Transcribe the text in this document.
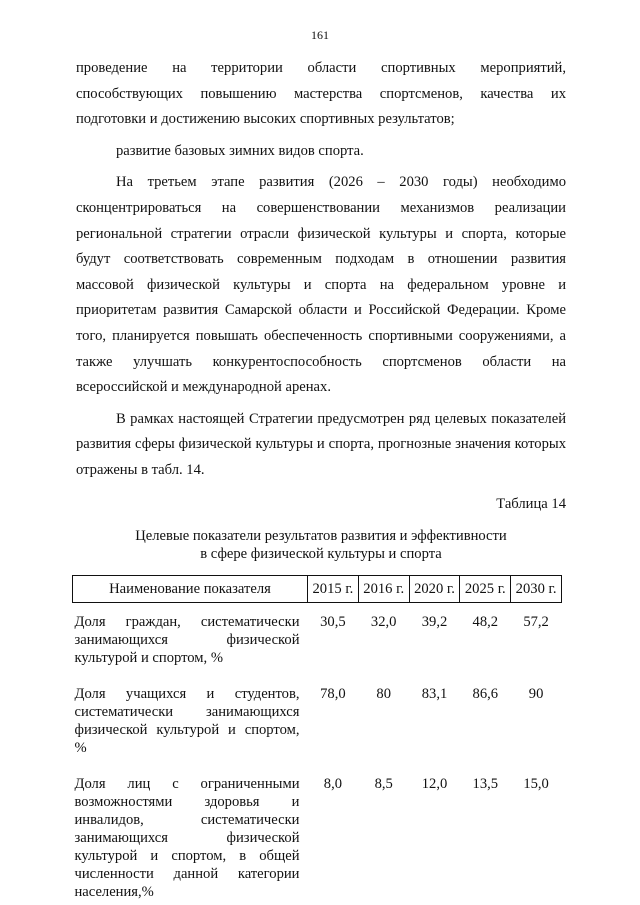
161

проведение на территории области спортивных мероприятий, способствующих повышению мастерства спортсменов, качества их подготовки и достижению высоких спортивных результатов;

развитие базовых зимних видов спорта.

На третьем этапе развития (2026 – 2030 годы) необходимо сконцентрироваться на совершенствовании механизмов реализации региональной стратегии отрасли физической культуры и спорта, которые будут соответствовать современным подходам в отношении развития массовой физической культуры и спорта на федеральном уровне и приоритетам развития Самарской области и Российской Федерации. Кроме того, планируется повышать обеспеченность спортивными сооружениями, а также улучшать конкурентоспособность спортсменов области на всероссийской и международной аренах.

В рамках настоящей Стратегии предусмотрен ряд целевых показателей развития сферы физической культуры и спорта, прогнозные значения которых отражены в табл. 14.

Таблица 14
Целевые показатели результатов развития и эффективности
в сфере физической культуры и спорта
Наименование показателя	2015 г.	2016 г.	2020 г.	2025 г.	2030 г.
Доля граждан, систематически занимающихся физической культурой и спортом, %	30,5	32,0	39,2	48,2	57,2
Доля учащихся и студентов, систематически занимающихся физической культурой и спортом, %	78,0	80	83,1	86,6	90
Доля лиц с ограниченными возможностями здоровья и инвалидов, систематически занимающихся физической культурой и спортом, в общей численности данной категории населения,%	8,0	8,5	12,0	13,5	15,0
